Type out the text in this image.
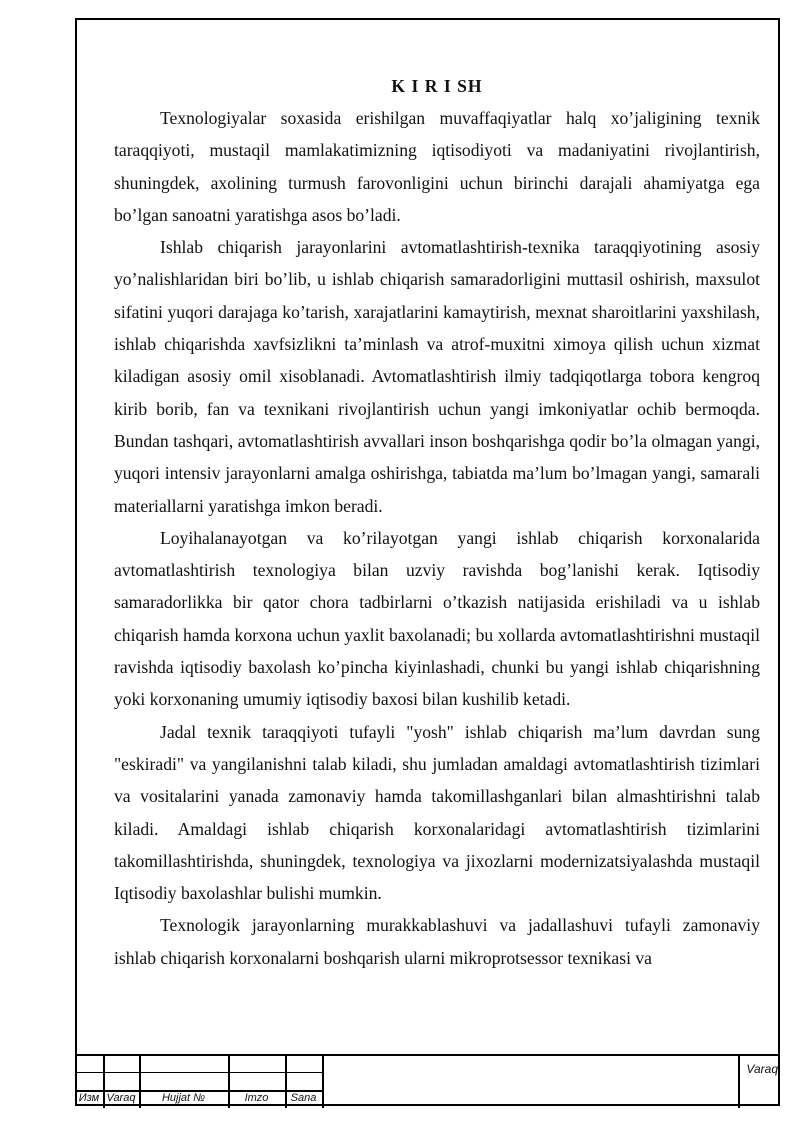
K I R I SH

Texnologiyalar soxasida erishilgan muvaffaqiyatlar halq xo’jaligining texnik taraqqiyoti, mustaqil mamlakatimizning iqtisodiyoti va madaniyatini rivojlantirish, shuningdek, axolining turmush farovonligini uchun birinchi darajali ahamiyatga ega bo’lgan sanoatni yaratishga asos bo’ladi.

Ishlab chiqarish jarayonlarini avtomatlashtirish-texnika taraqqiyotining asosiy yo’nalishlaridan biri bo’lib, u ishlab chiqarish samaradorligini muttasil oshirish, maxsulot sifatini yuqori darajaga ko’tarish, xarajatlarini kamaytirish, mexnat sharoitlarini yaxshilash, ishlab chiqarishda xavfsizlikni ta’minlash va atrof-muxitni ximoya qilish uchun xizmat kiladigan asosiy omil xisoblanadi. Avtomatlashtirish ilmiy tadqiqotlarga tobora kengroq kirib borib, fan va texnikani rivojlantirish uchun yangi imkoniyatlar ochib bermoqda. Bundan tashqari, avtomatlashtirish avvallari inson boshqarishga qodir bo’la olmagan yangi, yuqori intensiv jarayonlarni amalga oshirishga, tabiatda ma’lum bo’lmagan yangi, samarali materiallarni yaratishga imkon beradi.

Loyihalanayotgan va ko’rilayotgan yangi ishlab chiqarish korxonalarida avtomatlashtirish texnologiya bilan uzviy ravishda bog’lanishi kerak. Iqtisodiy samaradorlikka bir qator chora tadbirlarni o’tkazish natijasida erishiladi va u ishlab chiqarish hamda korxona uchun yaxlit baxolanadi; bu xollarda avtomatlashtirishni mustaqil ravishda iqtisodiy baxolash ko’pincha kiyinlashadi, chunki bu yangi ishlab chiqarishning yoki korxonaning umumiy iqtisodiy baxosi bilan kushilib ketadi.

Jadal texnik taraqqiyoti tufayli "yosh" ishlab chiqarish ma’lum davrdan sung "eskiradi" va yangilanishni talab kiladi, shu jumladan amaldagi avtomatlashtirish tizimlari va vositalarini yanada zamonaviy hamda takomillashganlari bilan almashtirishni talab kiladi. Amaldagi ishlab chiqarish korxonalaridagi avtomatlashtirish tizimlarini takomillashtirishda, shuningdek, texnologiya va jixozlarni modernizatsiyalashda mustaqil Iqtisodiy baxolashlar bulishi mumkin.

Texnologik jarayonlarning murakkablashuvi va jadallashuvi tufayli zamonaviy ishlab chiqarish korxonalarni boshqarish ularni mikroprotsessor texnikasi va

Изм Varaq	Hujjat №	Imzo	Sana
Varaq
